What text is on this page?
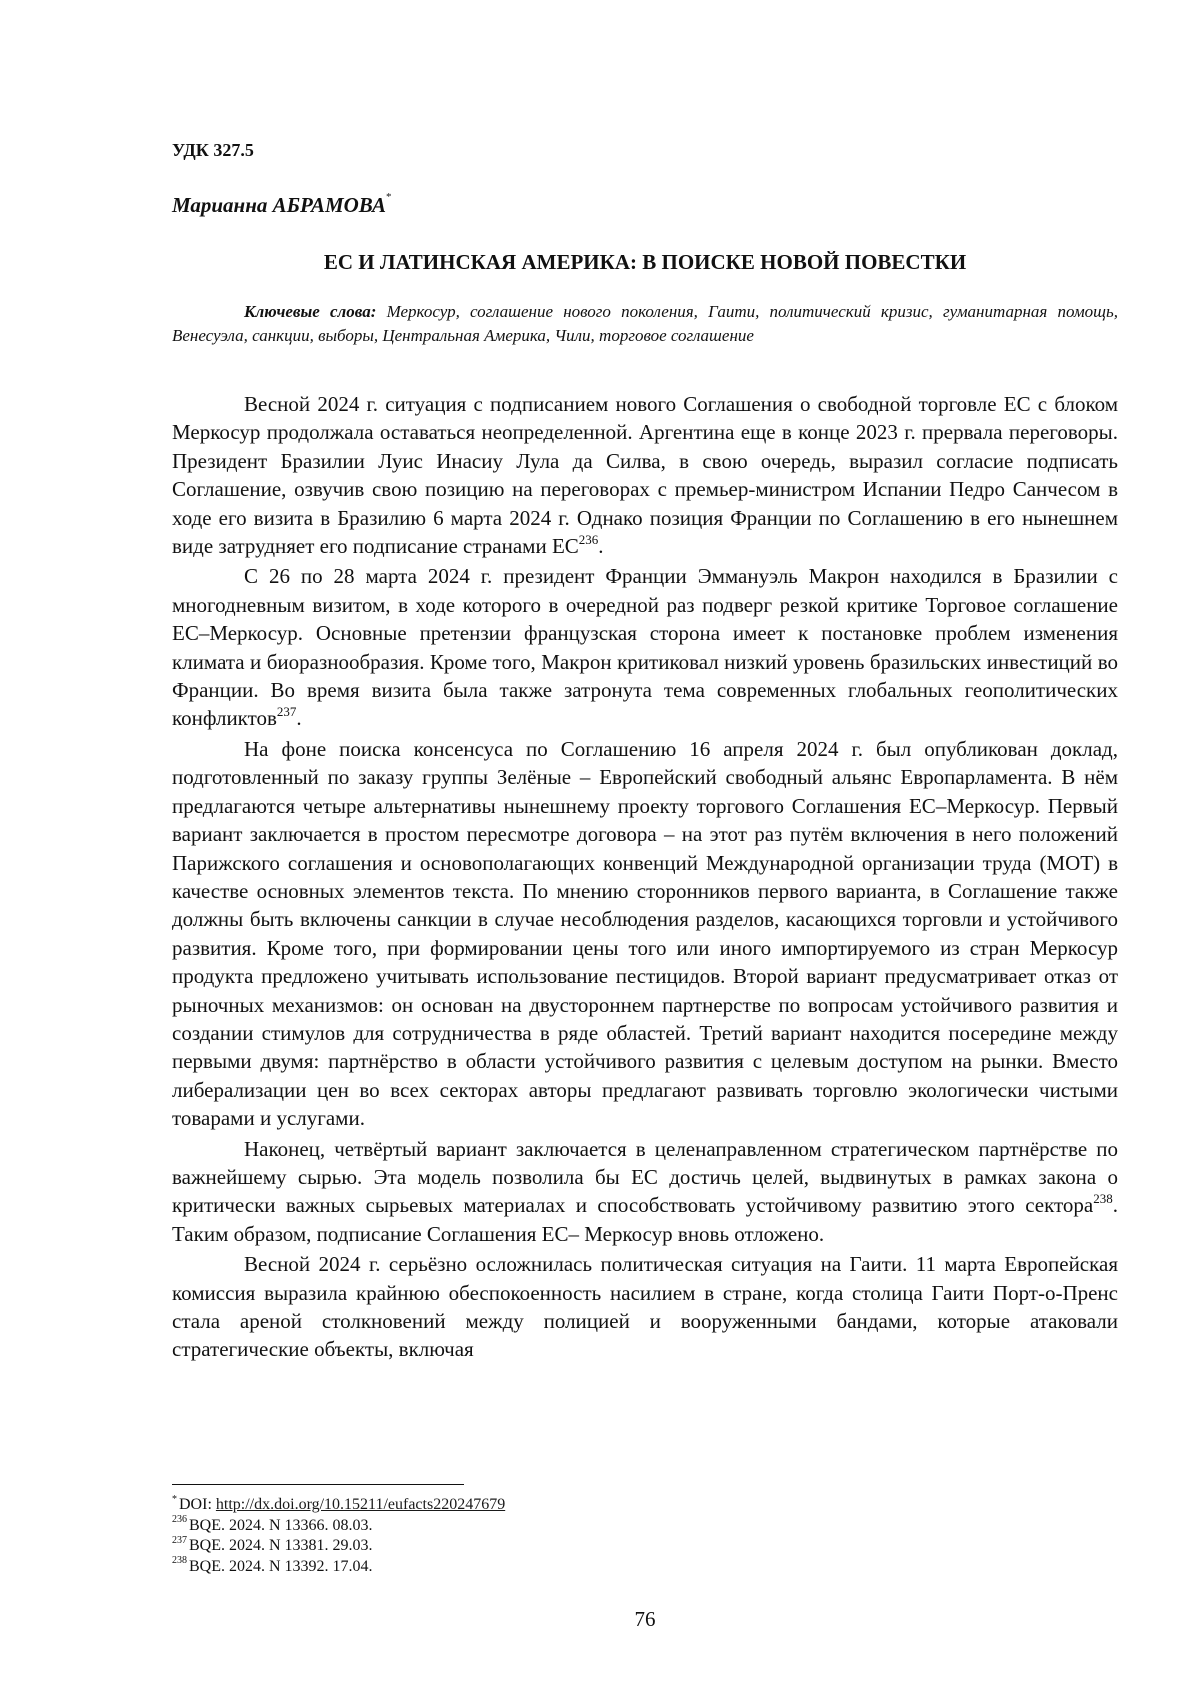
УДК 327.5
Марианна АБРАМОВА*
ЕС И ЛАТИНСКАЯ АМЕРИКА: В ПОИСКЕ НОВОЙ ПОВЕСТКИ
Ключевые слова: Меркосур, соглашение нового поколения, Гаити, политический кризис, гуманитарная помощь, Венесуэла, санкции, выборы, Центральная Америка, Чили, торговое соглашение

Весной 2024 г. ситуация с подписанием нового Соглашения о свободной торговле ЕС с блоком Меркосур продолжала оставаться неопределенной. Аргентина еще в конце 2023 г. прервала переговоры. Президент Бразилии Луис Инасиу Лула да Силва, в свою очередь, выразил согласие подписать Соглашение, озвучив свою позицию на переговорах с премьер-министром Испании Педро Санчесом в ходе его визита в Бразилию 6 марта 2024 г. Однако позиция Франции по Соглашению в его нынешнем виде затрудняет его подписание странами ЕС$^{236}$.

С 26 по 28 марта 2024 г. президент Франции Эммануэль Макрон находился в Бразилии с многодневным визитом, в ходе которого в очередной раз подверг резкой критике Торговое соглашение ЕС–Меркосур. Основные претензии французская сторона имеет к постановке проблем изменения климата и биоразнообразия. Кроме того, Макрон критиковал низкий уровень бразильских инвестиций во Франции. Во время визита была также затронута тема современных глобальных геополитических конфликтов$^{237}$.

На фоне поиска консенсуса по Соглашению 16 апреля 2024 г. был опубликован доклад, подготовленный по заказу группы Зелёные – Европейский свободный альянс Европарламента. В нём предлагаются четыре альтернативы нынешнему проекту торгового Соглашения ЕС–Меркосур. Первый вариант заключается в простом пересмотре договора – на этот раз путём включения в него положений Парижского соглашения и основополагающих конвенций Международной организации труда (МОТ) в качестве основных элементов текста. По мнению сторонников первого варианта, в Соглашение также должны быть включены санкции в случае несоблюдения разделов, касающихся торговли и устойчивого развития. Кроме того, при формировании цены того или иного импортируемого из стран Меркосур продукта предложено учитывать использование пестицидов. Второй вариант предусматривает отказ от рыночных механизмов: он основан на двустороннем партнерстве по вопросам устойчивого развития и создании стимулов для сотрудничества в ряде областей. Третий вариант находится посередине между первыми двумя: партнёрство в области устойчивого развития с целевым доступом на рынки. Вместо либерализации цен во всех секторах авторы предлагают развивать торговлю экологически чистыми товарами и услугами.

Наконец, четвёртый вариант заключается в целенаправленном стратегическом партнёрстве по важнейшему сырью. Эта модель позволила бы ЕС достичь целей, выдвинутых в рамках закона о критически важных сырьевых материалах и способствовать устойчивому развитию этого сектора$^{238}$. Таким образом, подписание Соглашения ЕС– Меркосур вновь отложено.

Весной 2024 г. серьёзно осложнилась политическая ситуация на Гаити. 11 марта Европейская комиссия выразила крайнюю обеспокоенность насилием в стране, когда столица Гаити Порт-о-Пренс стала ареной столкновений между полицией и вооруженными бандами, которые атаковали стратегические объекты, включая

* DOI: http://dx.doi.org/10.15211/eufacts220247679
$^{236}$ BQE. 2024. N 13366. 08.03.
$^{237}$ BQE. 2024. N 13381. 29.03.
$^{238}$ BQE. 2024. N 13392. 17.04.
76
